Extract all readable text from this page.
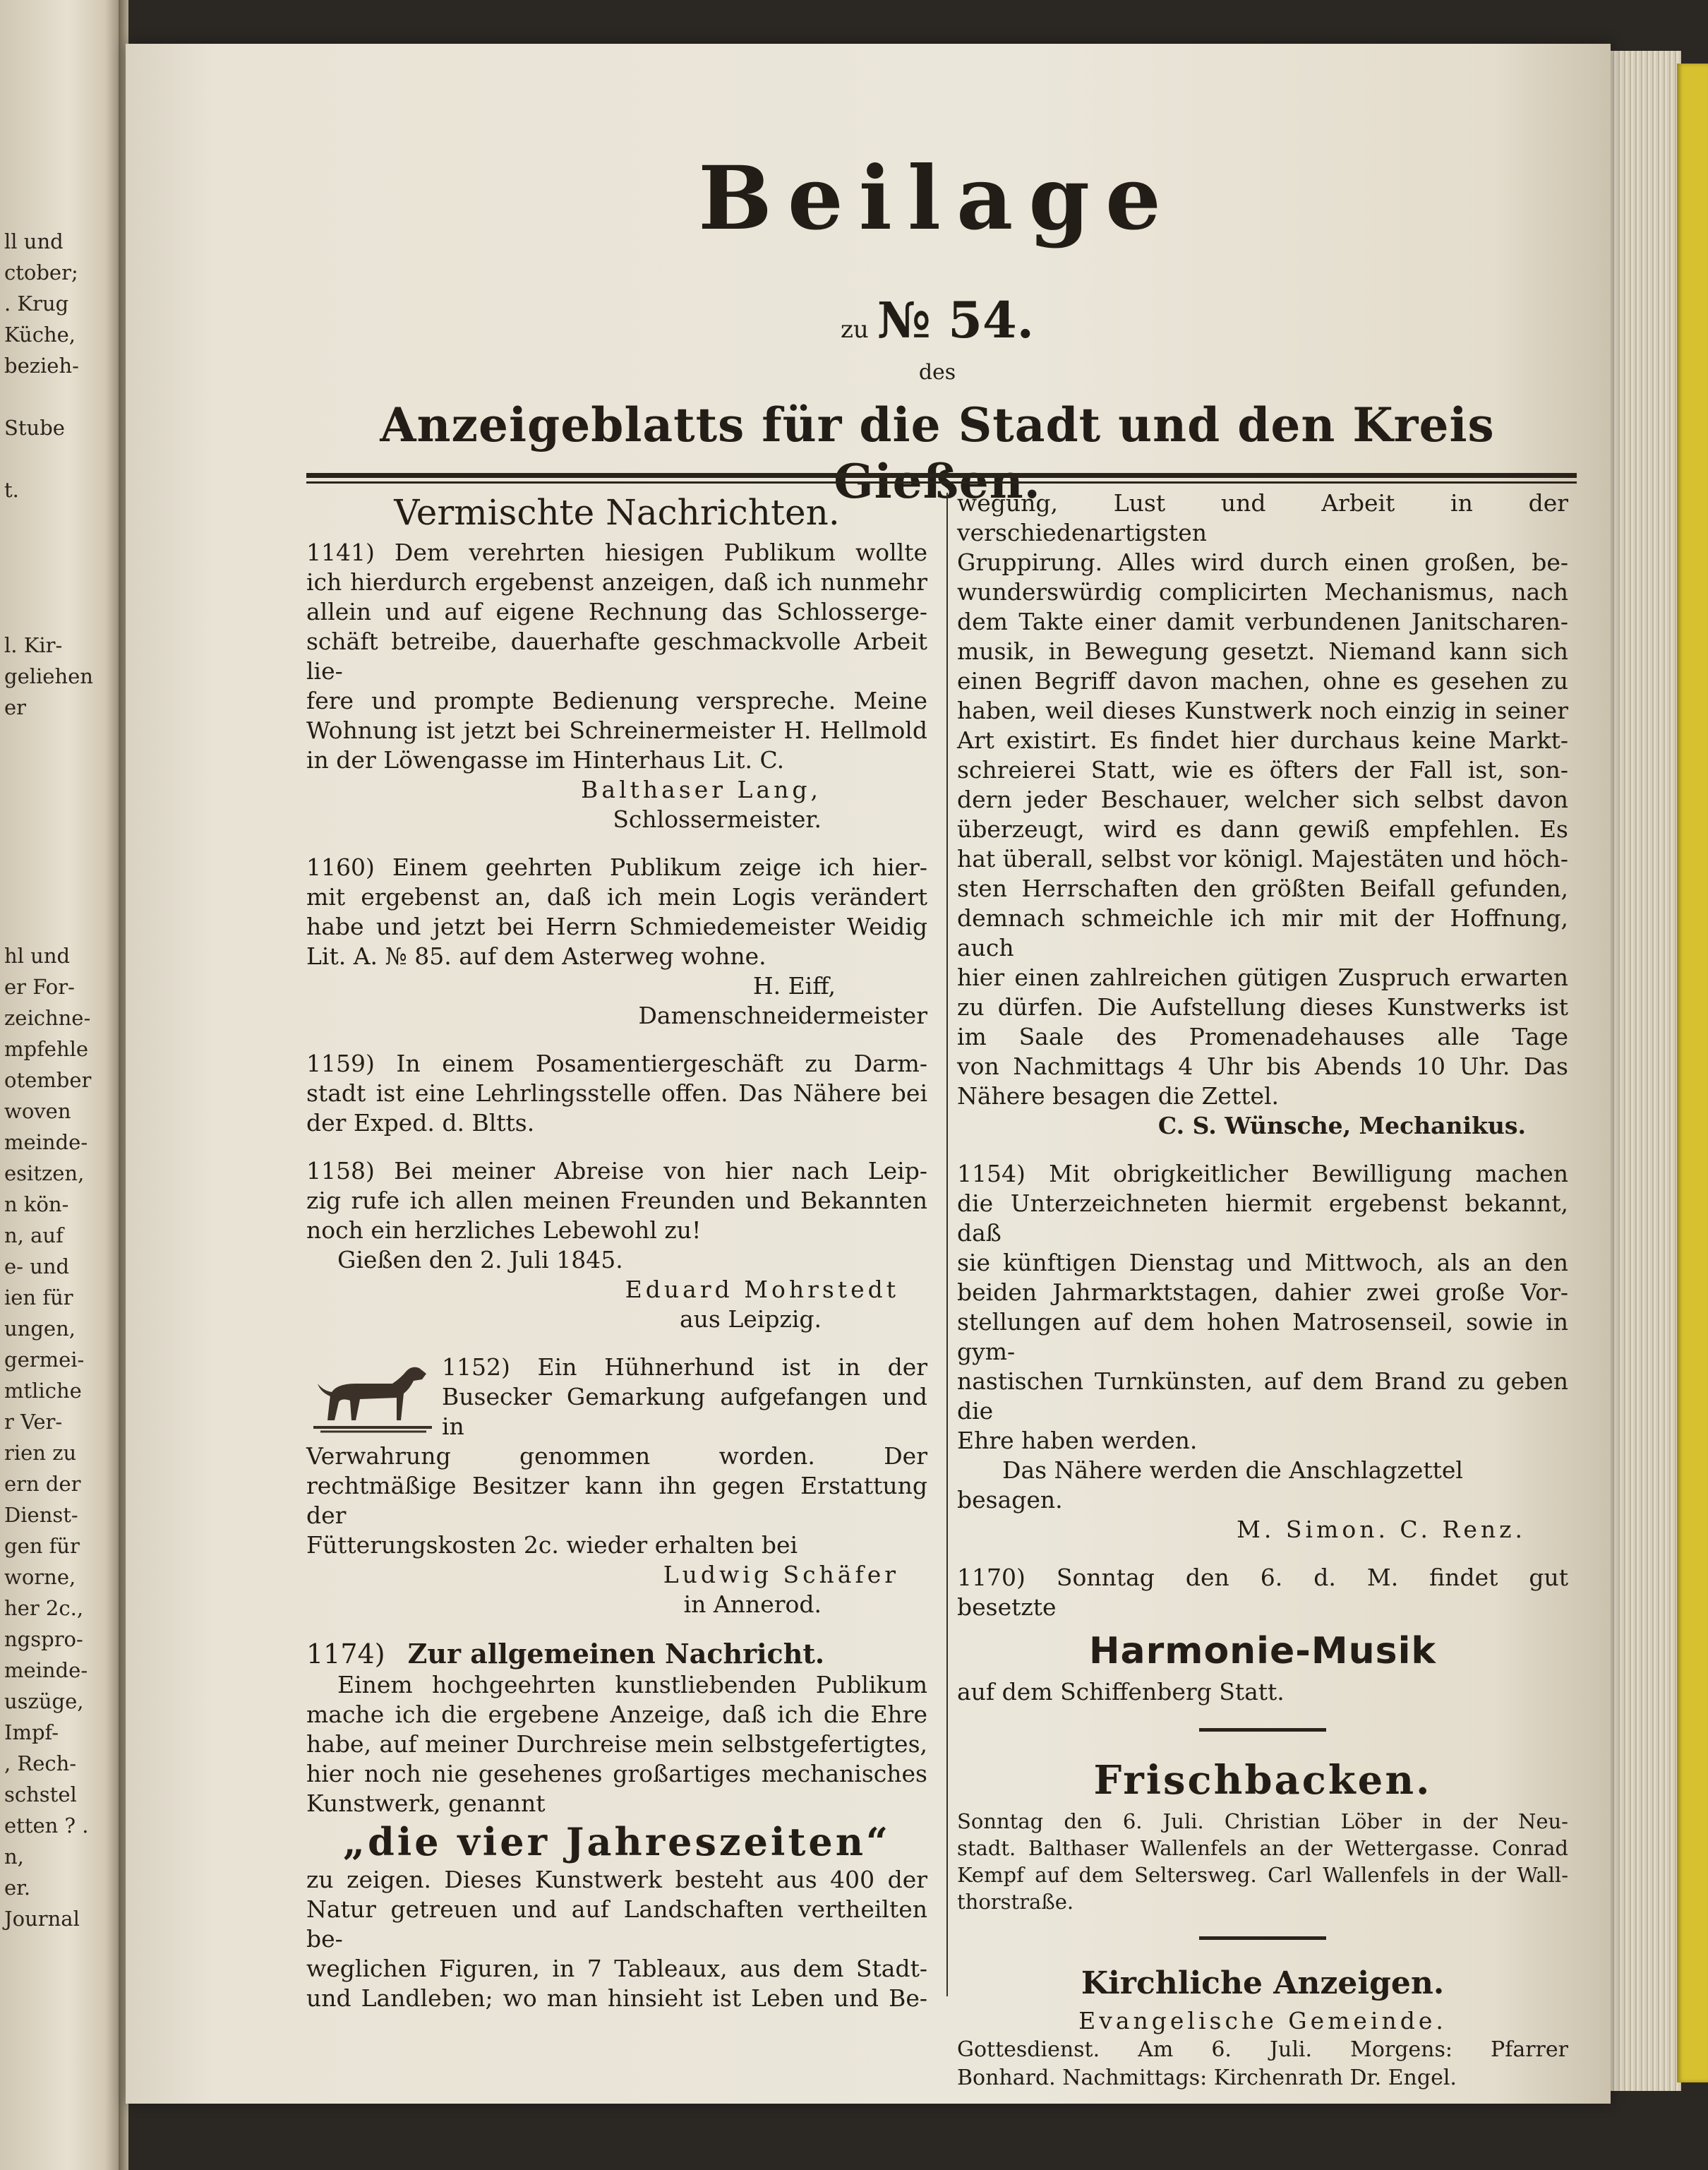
ll und
ctober;
. Krug
Küche,
bezieh-

Stube

t.

l. Kir-
geliehen
er

hl und
er For-
zeichne-
mpfehle
otember
woven
meinde-
esitzen,
n kön-
n, auf
e- und
ien für
ungen,
germei-
mtliche
r Ver-
rien zu
ern der
Dienst-
gen für
worne,
her 2c.,
ngspro-
meinde-
uszüge,
Impf-
, Rech-
schstel
etten ? .
n,
er.
Journal
Beilage
zu № 54.
des
Anzeigeblatts für die Stadt und den Kreis
Vermischte Nachrichten.

1141) Dem verehrten hiesigen Publikum wollte

ich hierdurch ergebenst anzeigen, daß ich nunmehr

allein und auf eigene Rechnung das Schlosserge-

schäft betreibe, dauerhafte geschmackvolle Arbeit lie-

fere und prompte Bedienung verspreche. Meine

Wohnung ist jetzt bei Schreinermeister H. Hellmold

in der Löwengasse im Hinterhaus Lit. C.

Balthaser Lang,

Schlossermeister.

1160) Einem geehrten Publikum zeige ich hier-

mit ergebenst an, daß ich mein Logis verändert

habe und jetzt bei Herrn Schmiedemeister Weidig

Lit. A. № 85. auf dem Asterweg wohne.

H. Eiff,

Damenschneidermeister

1159) In einem Posamentiergeschäft zu Darm-

stadt ist eine Lehrlingsstelle offen. Das Nähere bei

der Exped. d. Bltts.

1158) Bei meiner Abreise von hier nach Leip-

zig rufe ich allen meinen Freunden und Bekannten

noch ein herzliches Lebewohl zu!

Gießen den 2. Juli 1845.

Eduard Mohrstedt

aus Leipzig.

1152) Ein Hühnerhund ist in der

Busecker Gemarkung aufgefangen und in

Verwahrung genommen worden. Der

rechtmäßige Besitzer kann ihn gegen Erstattung der

Fütterungskosten 2c. wieder erhalten bei

Ludwig Schäfer

in Annerod.

1174) Zur allgemeinen Nachricht.

Einem hochgeehrten kunstliebenden Publikum

mache ich die ergebene Anzeige, daß ich die Ehre

habe, auf meiner Durchreise mein selbstgefertigtes,

hier noch nie gesehenes großartiges mechanisches

Kunstwerk, genannt

„die vier Jahreszeiten“

zu zeigen. Dieses Kunstwerk besteht aus 400 der

Natur getreuen und auf Landschaften vertheilten be-

weglichen Figuren, in 7 Tableaux, aus dem Stadt-

und Landleben; wo man hinsieht ist Leben und Be-

wegung, Lust und Arbeit in der verschiedenartigsten

Gruppirung. Alles wird durch einen großen, be-

wunderswürdig complicirten Mechanismus, nach

dem Takte einer damit verbundenen Janitscharen-

musik, in Bewegung gesetzt. Niemand kann sich

einen Begriff davon machen, ohne es gesehen zu

haben, weil dieses Kunstwerk noch einzig in seiner

Art existirt. Es findet hier durchaus keine Markt-

schreierei Statt, wie es öfters der Fall ist, son-

dern jeder Beschauer, welcher sich selbst davon

überzeugt, wird es dann gewiß empfehlen. Es

hat überall, selbst vor königl. Majestäten und höch-

sten Herrschaften den größten Beifall gefunden,

demnach schmeichle ich mir mit der Hoffnung, auch

hier einen zahlreichen gütigen Zuspruch erwarten

zu dürfen. Die Aufstellung dieses Kunstwerks ist

im Saale des Promenadehauses alle Tage

von Nachmittags 4 Uhr bis Abends 10 Uhr. Das

Nähere besagen die Zettel.

C. S. Wünsche, Mechanikus.

1154) Mit obrigkeitlicher Bewilligung machen

die Unterzeichneten hiermit ergebenst bekannt, daß

sie künftigen Dienstag und Mittwoch, als an den

beiden Jahrmarktstagen, dahier zwei große Vor-

stellungen auf dem hohen Matrosenseil, sowie in gym-

nastischen Turnkünsten, auf dem Brand zu geben die

Ehre haben werden.

Das Nähere werden die Anschlagzettel besagen.

M. Simon. C. Renz.

1170) Sonntag den 6. d. M. findet gut

besetzte

Harmonie-Musik

auf dem Schiffenberg Statt.

Frischbacken.

Sonntag den 6. Juli. Christian Löber in der Neu-

stadt. Balthaser Wallenfels an der Wettergasse. Conrad

Kempf auf dem Seltersweg. Carl Wallenfels in der Wall-

thorstraße.

Kirchliche Anzeigen.

Evangelische Gemeinde.

Gottesdienst. Am 6. Juli. Morgens: Pfarrer

Bonhard. Nachmittags: Kirchenrath Dr. Engel.
